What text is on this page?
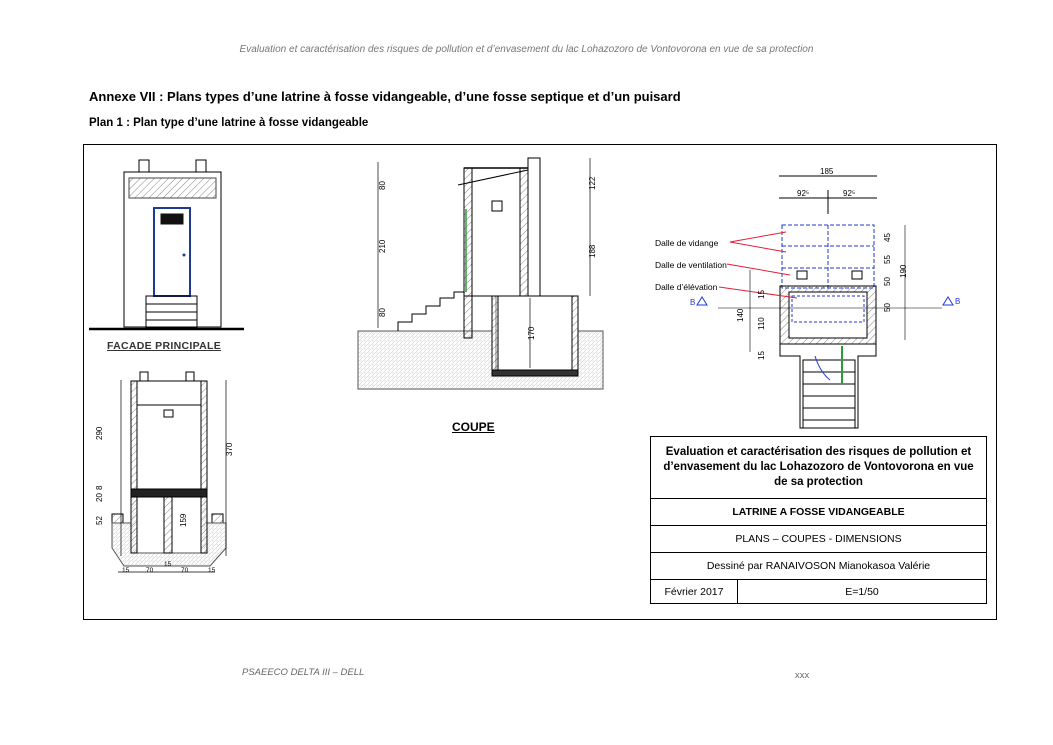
Evaluation et caractérisation des risques de pollution et d’envasement du lac Lohazozoro de Vontovorona en vue de sa protection
Annexe VII : Plans types d’une latrine à fosse vidangeable, d’une fosse septique et d’un puisard
Plan 1 : Plan type d’une latrine à fosse vidangeable
80
210
80
122
188
170
185
92⁵	92⁵
45
55
50
50
190
140
110
15
15
290
370
20
8
52	159
15
70	70
15	15
B	B
Dalle de vidange
Dalle de ventilation
Dalle d’élévation
FACADE PRINCIPALE
COUPE
Evaluation et caractérisation des risques de pollution et d’envasement du lac Lohazozoro de Vontovorona en vue de sa protection
LATRINE A FOSSE VIDANGEABLE
PLANS – COUPES - DIMENSIONS
Dessiné par RANAIVOSON Mianokasoa Valérie
Février 2017	E=1/50
PSAEECO DELTA III – DELL	xxx
